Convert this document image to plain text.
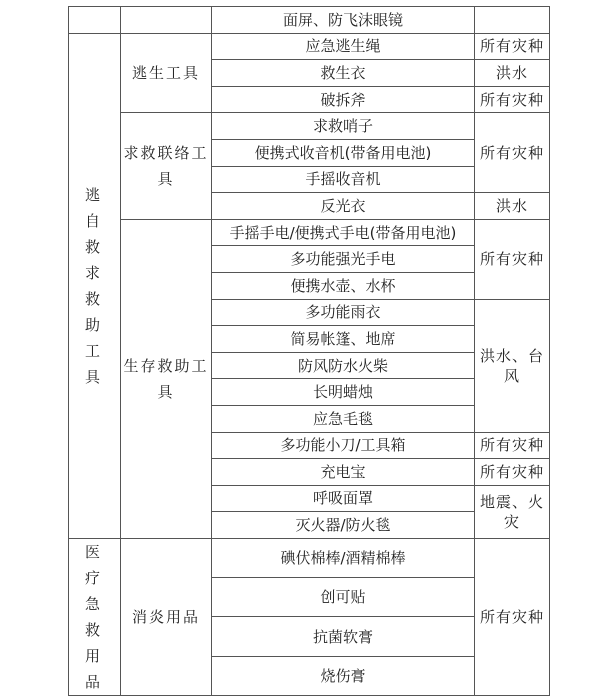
		面屏、防飞沫眼镜	
逃自救求救助工具	逃生工具	应急逃生绳	所有灾种
		救生衣	洪水
		破拆斧	所有灾种
	求救联络工具	求救哨子	所有灾种
		便携式收音机(带备用电池)	
		手摇收音机	
		反光衣	洪水
	生存救助工具	手摇手电/便携式手电(带备用电池)	所有灾种
		多功能强光手电	
		便携水壶、水杯	
		多功能雨衣	洪水、台风
		简易帐篷、地席	
		防风防水火柴	
		长明蜡烛	
		应急毛毯	
		多功能小刀/工具箱	所有灾种
		充电宝	所有灾种
		呼吸面罩	地震、火灾
		灭火器/防火毯	
医疗急救用品	消炎用品	碘伏棉棒/酒精棉棒	所有灾种
		创可贴	
		抗菌软膏	
		烧伤膏	
